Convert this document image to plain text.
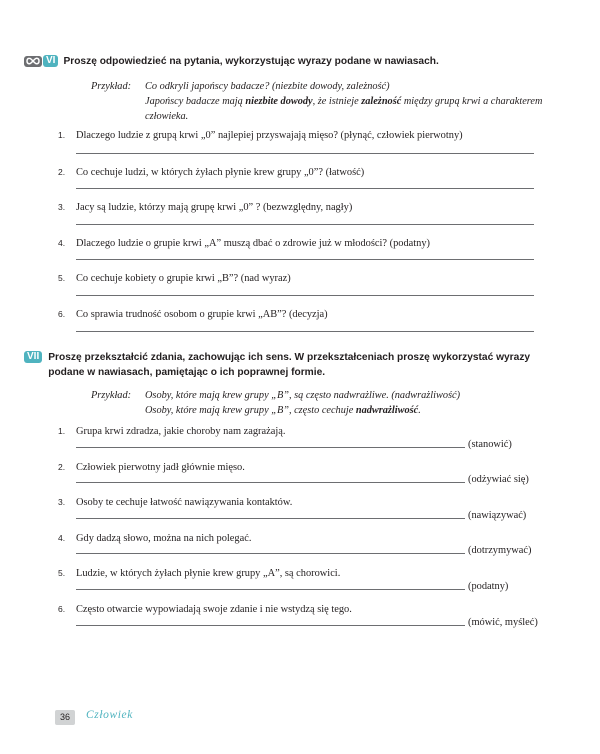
VI Proszę odpowiedzieć na pytania, wykorzystując wyrazy podane w nawiasach.
Przykład: Co odkryli japońscy badacze? (niezbite dowody, zależność)
Japońscy badacze mają niezbite dowody, że istnieje zależność między grupą krwi a charakterem
człowieka.
1. Dlaczego ludzie z grupą krwi „0” najlepiej przyswajają mięso? (płynąć, człowiek pierwotny)
2. Co cechuje ludzi, w których żyłach płynie krew grupy „0”? (łatwość)
3. Jacy są ludzie, którzy mają grupę krwi „0” ? (bezwzględny, nagły)
4. Dlaczego ludzie o grupie krwi „A” muszą dbać o zdrowie już w młodości? (podatny)
5. Co cechuje kobiety o grupie krwi „B”? (nad wyraz)
6. Co sprawia trudność osobom o grupie krwi „AB”? (decyzja)
VII Proszę przekształcić zdania, zachowując ich sens. W przekształceniach proszę wykorzystać wyrazy
podane w nawiasach, pamiętając o ich poprawnej formie.
Przykład: Osoby, które mają krew grupy „B”, są często nadwrażliwe. (nadwrażliwość)
Osoby, które mają krew grupy „B”, często cechuje nadwrażliwość.
1. Grupa krwi zdradza, jakie choroby nam zagrażają.
(stanowić)
2. Człowiek pierwotny jadł głównie mięso.
(odżywiać się)
3. Osoby te cechuje łatwość nawiązywania kontaktów.
(nawiązywać)
4. Gdy dadzą słowo, można na nich polegać.
(dotrzymywać)
5. Ludzie, w których żyłach płynie krew grupy „A”, są chorowici.
(podatny)
6. Często otwarcie wypowiadają swoje zdanie i nie wstydzą się tego.
(mówić, myśleć)
36	Człowiek
